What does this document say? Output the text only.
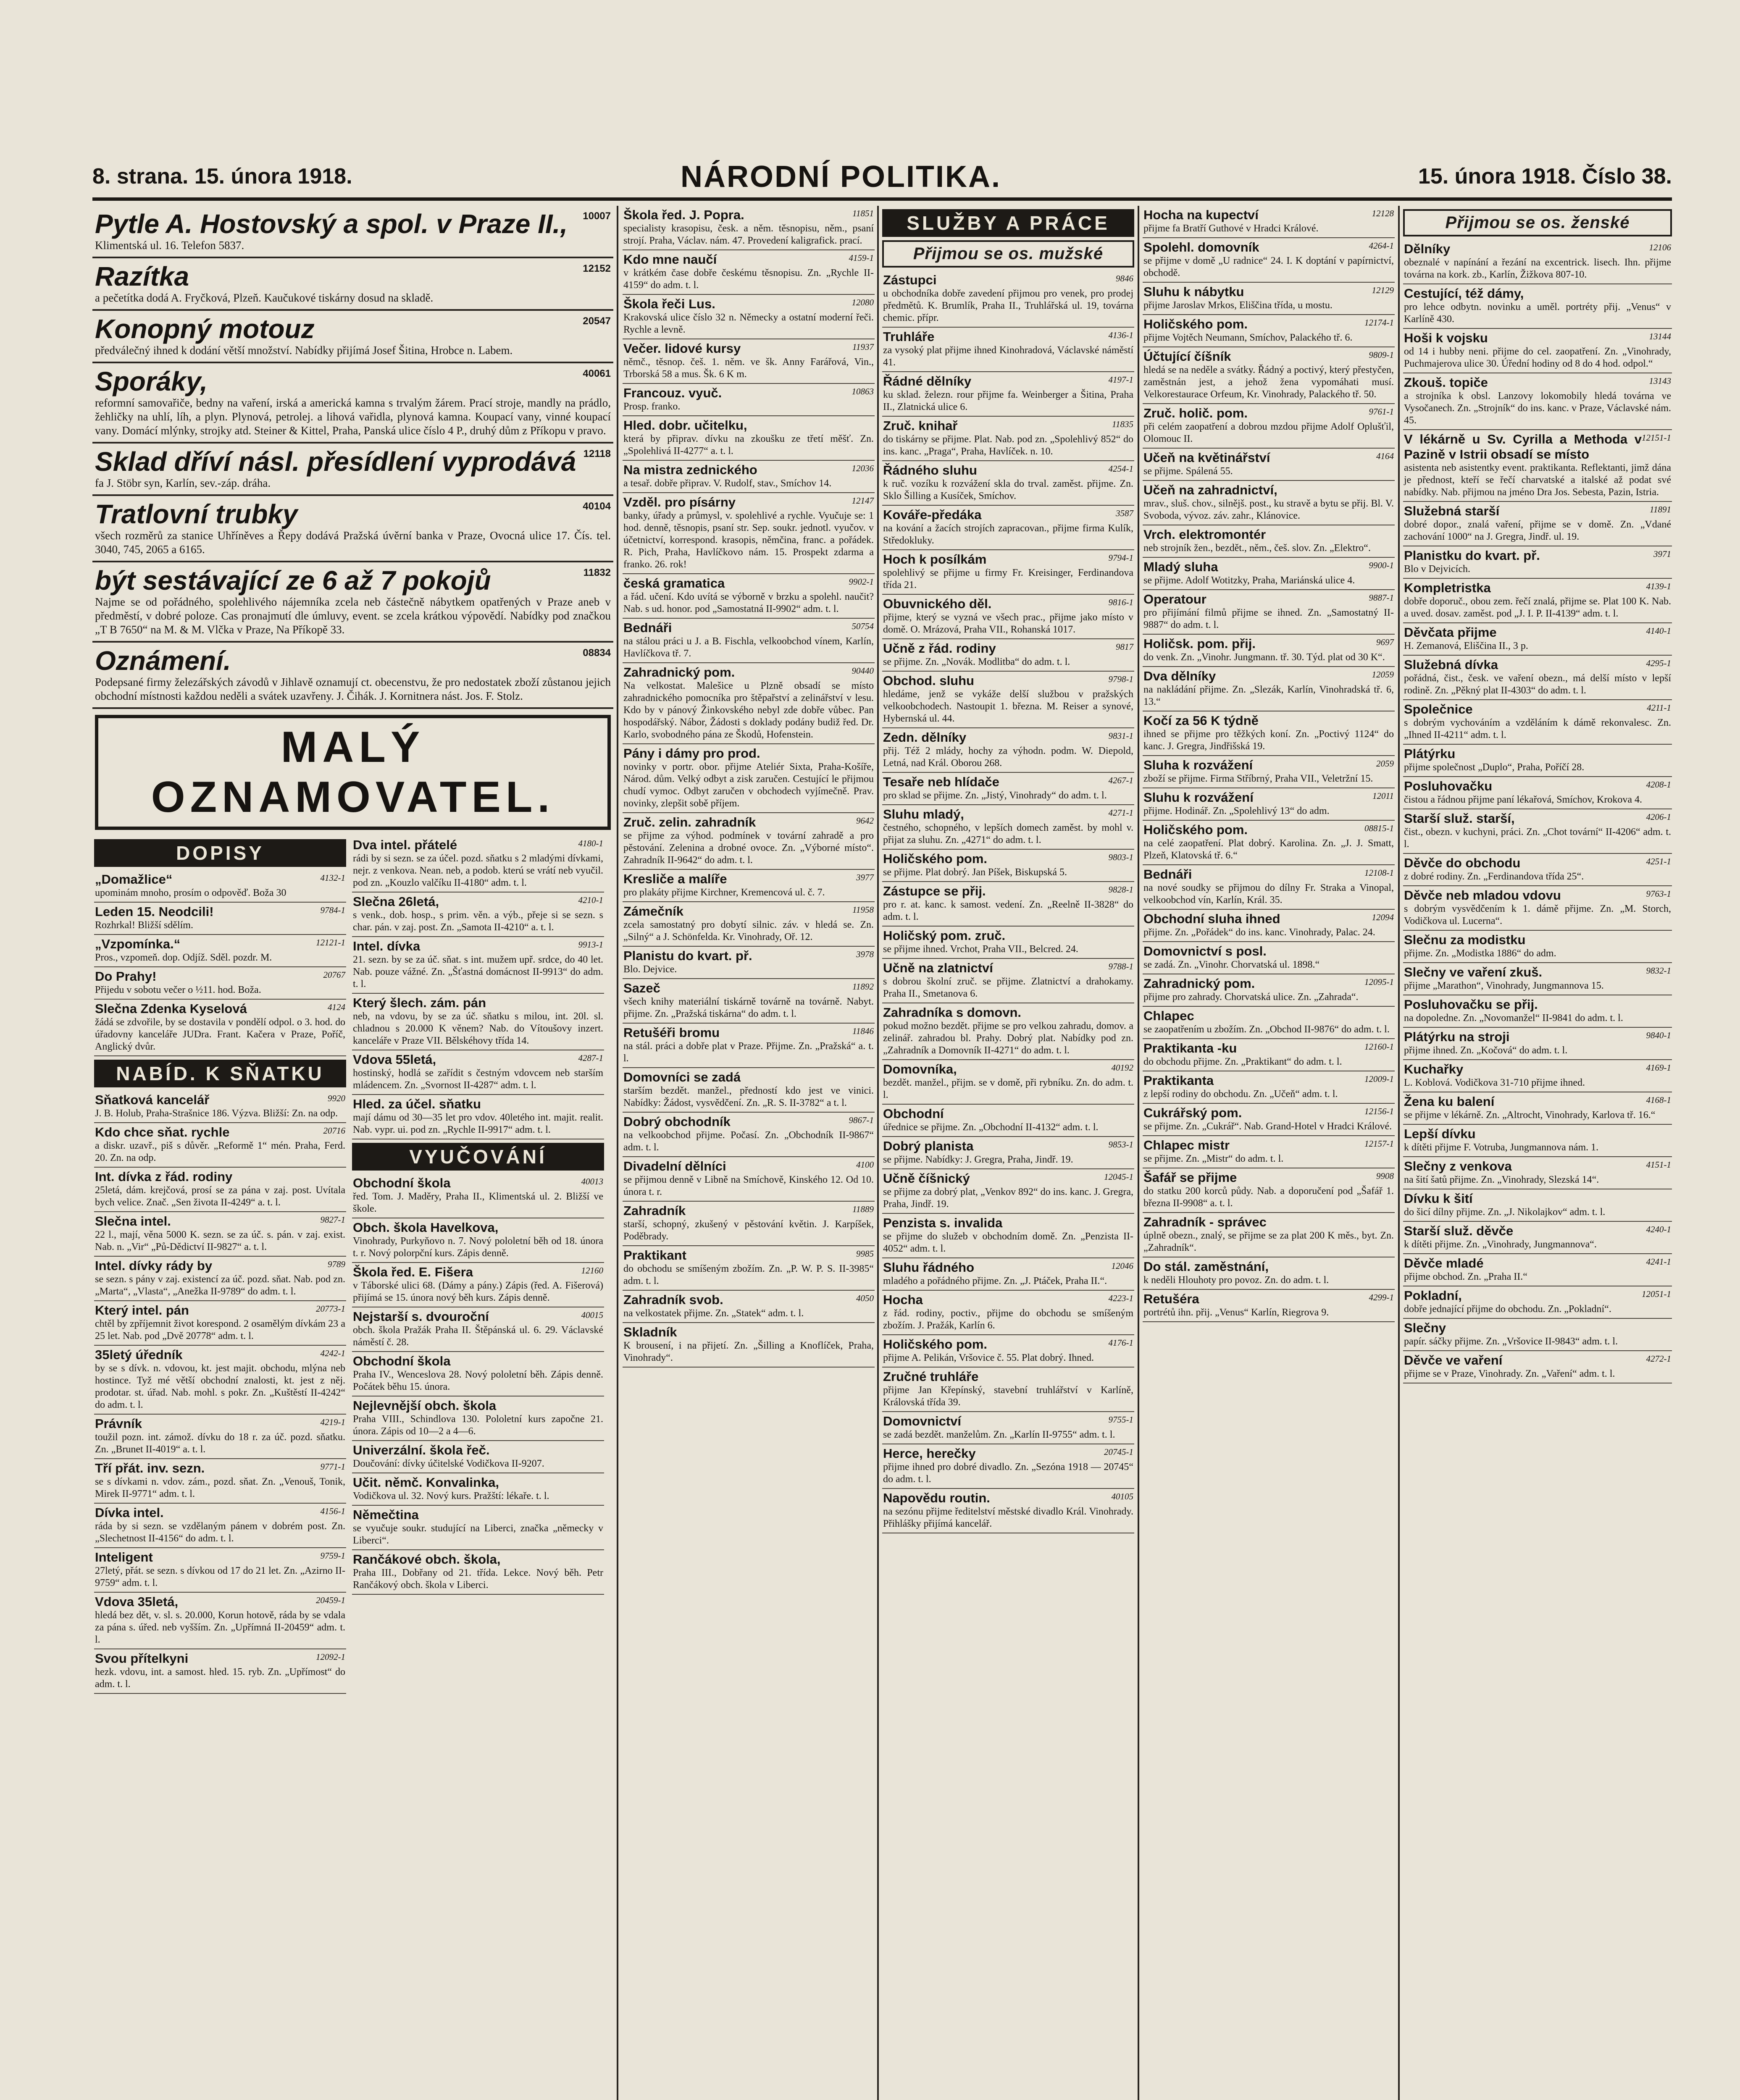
8. strana. 15. února 1918.	NÁRODNÍ POLITIKA.	15. února 1918. Číslo 38.
10007
Pytle A. Hostovský a spol. v Praze II.,
Klimentská ul. 16. Telefon 5837.
12152
Razítka
a pečetítka dodá A. Fryčková, Plzeň. Kaučukové tiskárny dosud na skladě.
20547
Konopný motouz
předválečný ihned k dodání větší množství. Nabídky přijímá Josef Šitina, Hrobce n. Labem.
40061
Sporáky,
reformní samovařiče, bedny na vaření, irská a americká kamna s trvalým žárem. Prací stroje, mandly na prádlo, žehličky na uhlí, líh, a plyn. Plynová, petrolej. a lihová vařidla, plynová kamna. Koupací vany, vinné koupací vany. Domácí mlýnky, strojky atd. Steiner & Kittel, Praha, Panská ulice číslo 4 P., druhý dům z Příkopu v pravo.
12118
Sklad dříví násl. přesídlení vyprodává
fa J. Stöbr syn, Karlín, sev.-záp. dráha.
40104
Tratlovní trubky
všech rozměrů za stanice Uhříněves a Řepy dodává Pražská úvěrní banka v Praze, Ovocná ulice 17. Čís. tel. 3040, 745, 2065 a 6165.
11832
být sestávající ze 6 až 7 pokojů
Najme se od pořádného, spolehlivého nájemníka zcela neb částečně nábytkem opatřených v Praze aneb v předměstí, v dobré poloze. Cas pronajmutí dle úmluvy, event. se zcela krátkou výpovědí. Nabídky pod značkou „T B 7650“ na M. & M. Vlčka v Praze, Na Příkopě 33.
08834
Oznámení.
Podepsané firmy železářských závodů v Jihlavě oznamují ct. obecenstvu, že pro nedostatek zboží zůstanou jejich obchodní místnosti každou neděli a svátek uzavřeny. J. Čihák. J. Kornitnera nást. Jos. F. Stolz.
MALÝ OZNAMOVATEL.
DOPISY
4132-1
„Domažlice“
upominám mnoho, prosím o odpověď. Boža 30
9784-1
Leden 15. Neodcili!
Rozhrkal! Bližší sdělím.
12121-1
„Vzpomínka.“
Pros., vzpomeň. dop. Odjíž. Sděl. pozdr. M.
20767
Do Prahy!
Přijedu v sobotu večer o ½11. hod. Boža.
4124
Slečna Zdenka Kyselová
žádá se zdvořile, by se dostavila v pondělí odpol. o 3. hod. do úřadovny kanceláře JUDra. Frant. Kačera v Praze, Poříč, Anglický dvůr.
NABÍD. K SŇATKU
9920
Sňatková kancelář
J. B. Holub, Praha-Strašnice 186. Výzva. Bližší: Zn. na odp.
20716
Kdo chce sňat. rychle
a diskr. uzavř., piš s důvěr. „Reformě 1“ mén. Praha, Ferd. 20. Zn. na odp.
Int. dívka z řád. rodiny
25letá, dám. krejčová, prosí se za pána v zaj. post. Uvítala bych velice. Znač. „Sen života II-4249“ a. t. l.
9827-1
Slečna intel.
22 l., mají, věna 5000 K. sezn. se za úč. s. pán. v zaj. exist. Nab. n. „Vir“ „Pů-Dědictví II-9827“ a. t. l.
9789
Intel. dívky rády by
se sezn. s pány v zaj. existencí za úč. pozd. sňat. Nab. pod zn. „Marta“, „Vlasta“, „Anežka II-9789“ do adm. t. l.
20773-1
Který intel. pán
chtěl by zpříjemnit život korespond. 2 osamělým dívkám 23 a 25 let. Nab. pod „Dvě 20778“ adm. t. l.
4242-1
35letý úředník
by se s dívk. n. vdovou, kt. jest majit. obchodu, mlýna neb hostince. Tyž mé větší obchodní znalosti, kt. jest z něj. prodotar. st. úřad. Nab. mohl. s pokr. Zn. „Kuštěstí II-4242“ do adm. t. l.
4219-1
Právník
toužil pozn. int. zámož. dívku do 18 r. za úč. pozd. sňatku. Zn. „Brunet II-4019“ a. t. l.
9771-1
Tří přát. inv. sezn.
se s dívkami n. vdov. zám., pozd. sňat. Zn. „Venouš, Tonik, Mirek II-9771“ adm. t. l.
4156-1
Dívka intel.
ráda by si sezn. se vzdělaným pánem v dobrém post. Zn. „Slechetnost II-4156“ do adm. t. l.
9759-1
Inteligent
27letý, přát. se sezn. s dívkou od 17 do 21 let. Zn. „Azirno II-9759“ adm. t. l.
20459-1
Vdova 35letá,
hledá bez dět, v. sl. s. 20.000, Korun hotově, ráda by se vdala za pána s. úřed. neb vyšším. Zn. „Upřímná II-20459“ adm. t. l.
12092-1
Svou přítelkyni
hezk. vdovu, int. a samost. hled. 15. ryb. Zn. „Upřímost“ do adm. t. l.
4180-1
Dva intel. přátelé
rádi by si sezn. se za účel. pozd. sňatku s 2 mladými dívkami, nejr. z venkova. Nean. neb, a podob. kterú se vrátí neb vyučil. pod zn. „Kouzlo valčíku II-4180“ adm. t. l.
4210-1
Slečna 26letá,
s venk., dob. hosp., s prim. věn. a výb., přeje si se sezn. s char. pán. v zaj. post. Zn. „Samota II-4210“ a. t. l.
9913-1
Intel. dívka
21. sezn. by se za úč. sňat. s int. mužem upř. srdce, do 40 let. Nab. pouze vážné. Zn. „Šťastná domácnost II-9913“ do adm. t. l.
Který šlech. zám. pán
neb, na vdovu, by se za úč. sňatku s milou, int. 20l. sl. chladnou s 20.000 K věnem? Nab. do Vítoušovy inzert. kanceláře v Praze VII. Bělskéhovy třída 14.
4287-1
Vdova 55letá,
hostinský, hodlá se zařídit s čestným vdovcem neb starším mládencem. Zn. „Svornost II-4287“ adm. t. l.
Hled. za účel. sňatku
mají dámu od 30—35 let pro vdov. 40letého int. majit. realit. Nab. vypr. ui. pod zn. „Rychle II-9917“ adm. t. l.
VYUČOVÁNÍ
40013
Obchodní škola
řed. Tom. J. Maděry, Praha II., Klimentská ul. 2. Bližší ve škole.
Obch. škola Havelkova,
Vinohrady, Purkyňovo n. 7. Nový pololetní běh od 18. února t. r. Nový polorpční kurs. Zápis denně.
12160
Škola řed. E. Fišera
v Táborské ulici 68. (Dámy a pány.) Zápis (řed. A. Fišerová) přijímá se 15. února nový běh kurs. Zápis denně.
40015
Nejstarší s. dvouroční
obch. škola Pražák Praha II. Štěpánská ul. 6. 29. Václavské náměstí č. 28.
Obchodní škola
Praha IV., Wenceslova 28. Nový pololetní běh. Zápis denně. Počátek běhu 15. února.
Nejlevnější obch. škola
Praha VIII., Schindlova 130. Pololetní kurs započne 21. února. Zápis od 10—2 a 4—6.
Univerzální. škola řeč.
Doučování: dívky účitelské Vodičkova II-9207.
Učit. němč. Konvalinka,
Vodičkova ul. 32. Nový kurs. Pražští: lékaře. t. l.
Němečtina
se vyučuje soukr. studující na Liberci, značka „německy v Liberci“.
Rančákové obch. škola,
Praha III., Dobřany od 21. třída. Lekce. Nový běh. Petr Rančákový obch. škola v Liberci.
11851
Škola řed. J. Popra.
specialisty krasopisu, česk. a něm. těsnopisu, něm., psaní strojí. Praha, Václav. nám. 47. Provedení kaligrafick. prací.
4159-1
Kdo mne naučí
v krátkém čase dobře českému těsnopisu. Zn. „Rychle II-4159“ do adm. t. l.
12080
Škola řeči Lus.
Krakovská ulice číslo 32 n. Německy a ostatní moderní řeči. Rychle a levně.
11937
Večer. lidové kursy
němč., těsnop. češ. 1. něm. ve šk. Anny Farářová, Vin., Trborská 58 a mus. Šk. 6 K m.
10863
Francouz. vyuč.
Prosp. franko.
Hled. dobr. učitelku,
která by připrav. dívku na zkoušku ze třetí měšť. Zn. „Spolehlivá II-4277“ a. t. l.
12036
Na mistra zednického
a tesař. dobře připrav. V. Rudolf, stav., Smíchov 14.
12147
Vzděl. pro písárny
banky, úřady a průmysl, v. spolehlivé a rychle. Vyučuje se: 1 hod. denně, těsnopis, psaní str. Sep. soukr. jednotl. vyučov. v účetnictví, korrespond. krasopis, němčina, franc. a pořádek. R. Pich, Praha, Havlíčkovo nám. 15. Prospekt zdarma a franko. 26. rok!
9902-1
česká gramatica
a řád. učení. Kdo uvítá se výborně v brzku a spolehl. naučit? Nab. s ud. honor. pod „Samostatná II-9902“ adm. t. l.
50754
Bednáři
na stálou práci u J. a B. Fischla, velkoobchod vínem, Karlín, Havlíčkova tř. 7.
90440
Zahradnický pom.
Na velkostat. Malešice u Plzně obsadí se místo zahradnického pomocníka pro štěpařství a zelinářství v lesu. Kdo by v pánový Žinkovského nebyl zde dobře vůbec. Pan hospodářský. Nábor, Žádosti s doklady podány budiž řed. Dr. Karlo, svobodného pána ze Škodů, Hofenstein.
Pány i dámy pro prod.
novinky v portr. obor. přijme Ateliér Sixta, Praha-Košíře, Národ. dům. Velký odbyt a zisk zaručen. Cestující le přijmou chudí vymoc. Odbyt zaručen v obchodech vyjímečně. Prav. novinky, zlepšit sobě příjem.
9642
Zruč. zelin. zahradník
se přijme za výhod. podmínek v tovární zahradě a pro pěstování. Zelenina a drobné ovoce. Zn. „Výborné místo“. Zahradník II-9642“ do adm. t. l.
3977
Kresliče a malíře
pro plakáty přijme Kirchner, Kremencová ul. č. 7.
11958
Zámečník
zcela samostatný pro dobytí silnic. záv. v hledá se. Zn. „Silný“ a J. Schönfelda. Kr. Vinohrady, Oř. 12.
3978
Planistu do kvart. př.
Blo. Dejvice.
11892
Sazeč
všech knihy materiální tiskárně továrně na továrně. Nabyt. přijme. Zn. „Pražská tiskárna“ do adm. t. l.
11846
Retušéři bromu
na stál. práci a dobře plat v Praze. Přijme. Zn. „Pražská“ a. t. l.
Domovníci se zadá
starším bezdět. manžel., předností kdo jest ve vinici. Nabídky: Žádost, vysvědčení. Zn. „R. S. II-3782“ a t. l.
9867-1
Dobrý obchodník
na velkoobchod přijme. Počasí. Zn. „Obchodník II-9867“ adm. t. l.
4100
Divadelní dělníci
se přijmou denně v Libně na Smíchově, Kinského 12. Od 10. února t. r.
11889
Zahradník
starší, schopný, zkušený v pěstování květin. J. Karpíšek, Poděbrady.
9985
Praktikant
do obchodu se smíšeným zbožím. Zn. „P. W. P. S. II-3985“ adm. t. l.
4050
Zahradník svob.
na velkostatek přijme. Zn. „Statek“ adm. t. l.
Skladník
K brousení, i na přijetí. Zn. „Šilling a Knoflíček, Praha, Vinohrady“.
SLUŽBY A PRÁCE
Přijmou se os. mužské
9846
Zástupci
u obchodníka dobře zavedení přijmou pro venek, pro prodej předmětů. K. Brumlík, Praha II., Truhlářská ul. 19, továrna chemic. přípr.
4136-1
Truhláře
za vysoký plat přijme ihned Kinohradová, Václavské náměstí 41.
4197-1
Řádné dělníky
ku sklad. železn. rour přijme fa. Weinberger a Šitina, Praha II., Zlatnická ulice 6.
11835
Zruč. knihař
do tiskárny se přijme. Plat. Nab. pod zn. „Spolehlivý 852“ do ins. kanc. „Praga“, Praha, Havlíček. n. 10.
4254-1
Řádného sluhu
k ruč. vozíku k rozvážení skla do trval. zaměst. přijme. Zn. Sklo Šilling a Kusíček, Smíchov.
3587
Kováře-předáka
na kování a žacích strojích zapracovan., přijme firma Kulík, Středokluky.
9794-1
Hoch k posílkám
spolehlivý se přijme u firmy Fr. Kreisinger, Ferdinandova třída 21.
9816-1
Obuvnického děl.
přijme, který se vyzná ve všech prac., přijme jako místo v domě. O. Mrázová, Praha VII., Rohanská 1017.
9817
Učně z řád. rodiny
se přijme. Zn. „Novák. Modlitba“ do adm. t. l.
9798-1
Obchod. sluhu
hledáme, jenž se vykáže delší službou v pražských velkoobchodech. Nastoupit 1. března. M. Reiser a synové, Hybernská ul. 44.
9831-1
Zedn. dělníky
přij. Též 2 mlády, hochy za výhodn. podm. W. Diepold, Letná, nad Král. Oborou 268.
4267-1
Tesaře neb hlídače
pro sklad se přijme. Zn. „Jistý, Vinohrady“ do adm. t. l.
4271-1
Sluhu mladý,
čestného, schopného, v lepších domech zaměst. by mohl v. přijat za sluhu. Zn. „4271“ do adm. t. l.
9803-1
Holičského pom.
se přijme. Plat dobrý. Jan Píšek, Biskupská 5.
9828-1
Zástupce se přij.
pro r. at. kanc. k samost. vedení. Zn. „Reelně II-3828“ do adm. t. l.
Holičský pom. zruč.
se přijme ihned. Vrchot, Praha VII., Belcred. 24.
9788-1
Učně na zlatnictví
s dobrou školní zruč. se přijme. Zlatnictví a drahokamy. Praha II., Smetanova 6.
Zahradníka s domovn.
pokud možno bezdět. přijme se pro velkou zahradu, domov. a zelinář. zahradou bl. Prahy. Dobrý plat. Nabídky pod zn. „Zahradník a Domovník II-4271“ do adm. t. l.
40192
Domovníka,
bezdět. manžel., přijm. se v domě, při rybníku. Zn. do adm. t. l.
Obchodní
úřednice se přijme. Zn. „Obchodní II-4132“ adm. t. l.
9853-1
Dobrý planista
se přijme. Nabídky: J. Gregra, Praha, Jindř. 19.
12045-1
Učně číšnický
se přijme za dobrý plat, „Venkov 892“ do ins. kanc. J. Gregra, Praha, Jindř. 19.
Penzista s. invalida
se přijme do služeb v obchodním domě. Zn. „Penzista II-4052“ adm. t. l.
12046
Sluhu řádného
mladého a pořádného přijme. Zn. „J. Ptáček, Praha II.“.
4223-1
Hocha
z řád. rodiny, poctiv., přijme do obchodu se smíšeným zbožím. J. Pražák, Karlín 6.
4176-1
Holičského pom.
přijme A. Pelikán, Vršovice č. 55. Plat dobrý. Ihned.
Zručné truhláře
přijme Jan Křepínský, stavební truhlářství v Karlíně, Královská třída 39.
9755-1
Domovnictví
se zadá bezdět. manželům. Zn. „Karlín II-9755“ adm. t. l.
20745-1
Herce, herečky
přijme ihned pro dobré divadlo. Zn. „Sezóna 1918 — 20745“ do adm. t. l.
40105
Napovědu routin.
na sezónu přijme ředitelství městské divadlo Král. Vinohrady. Přihlášky přijímá kancelář.
12128
Hocha na kupectví
přijme fa Bratří Guthové v Hradci Králové.
4264-1
Spolehl. domovník
se přijme v domě „U radnice“ 24. I. K doptání v papírnictví, obchodě.
12129
Sluhu k nábytku
přijme Jaroslav Mrkos, Eliščina třída, u mostu.
12174-1
Holičského pom.
přijme Vojtěch Neumann, Smíchov, Palackého tř. 6.
9809-1
Účtující číšník
hledá se na neděle a svátky. Řádný a poctivý, který přestyčen, zaměstnán jest, a jehož žena vypomáhati musí. Velkorestaurace Orfeum, Kr. Vinohrady, Palackého tř. 50.
9761-1
Zruč. holič. pom.
při celém zaopatření a dobrou mzdou přijme Adolf Oplušťil, Olomouc II.
4164
Učeň na květinářství
se přijme. Spálená 55.
Učeň na zahradnictví,
mrav., sluš. chov., silnějš. post., ku stravě a bytu se přij. Bl. V. Svoboda, vývoz. záv. zahr., Klánovice.
Vrch. elektromontér
neb strojník žen., bezdět., něm., češ. slov. Zn. „Elektro“.
9900-1
Mladý sluha
se přijme. Adolf Wotitzky, Praha, Mariánská ulice 4.
9887-1
Operatour
pro přijímání filmů přijme se ihned. Zn. „Samostatný II-9887“ do adm. t. l.
9697
Holičsk. pom. přij.
do venk. Zn. „Vinohr. Jungmann. tř. 30. Týd. plat od 30 K“.
12059
Dva dělníky
na nakládání přijme. Zn. „Slezák, Karlín, Vinohradská tř. 6, 13.“
Kočí za 56 K týdně
ihned se přijme pro těžkých koní. Zn. „Poctivý 1124“ do kanc. J. Gregra, Jindřišská 19.
2059
Sluha k rozvážení
zboží se přijme. Firma Stříbrný, Praha VII., Veletržní 15.
12011
Sluhu k rozvážení
přijme. Hodinář. Zn. „Spolehlivý 13“ do adm.
08815-1
Holičského pom.
na celé zaopatření. Plat dobrý. Karolina. Zn. „J. J. Smatt, Plzeň, Klatovská tř. 6.“
12108-1
Bednáři
na nové soudky se přijmou do dílny Fr. Straka a Vinopal, velkoobchod vín, Karlín, Král. 35.
12094
Obchodní sluha ihned
přijme. Zn. „Pořádek“ do ins. kanc. Vinohrady, Palac. 24.
Domovnictví s posl.
se zadá. Zn. „Vinohr. Chorvatská ul. 1898.“
12095-1
Zahradnický pom.
přijme pro zahrady. Chorvatská ulice. Zn. „Zahrada“.
Chlapec
se zaopatřením u zbožím. Zn. „Obchod II-9876“ do adm. t. l.
12160-1
Praktikanta -ku
do obchodu přijme. Zn. „Praktikant“ do adm. t. l.
12009-1
Praktikanta
z lepší rodiny do obchodu. Zn. „Učeň“ adm. t. l.
12156-1
Cukrářský pom.
se přijme. Zn. „Cukrář“. Nab. Grand-Hotel v Hradci Králové.
12157-1
Chlapec mistr
se přijme. Zn. „Mistr“ do adm. t. l.
9908
Šafář se přijme
do statku 200 korců půdy. Nab. a doporučení pod „Šafář 1. března II-9908“ a. t. l.
Zahradník - správec
úplně obezn., znalý, se přijme se za plat 200 K měs., byt. Zn. „Zahradník“.
Do stál. zaměstnání,
k neděli Hlouhoty pro povoz. Zn. do adm. t. l.
4299-1
Retušéra
portrétů ihn. přij. „Venus“ Karlín, Riegrova 9.
Přijmou se os. ženské
12106
Dělníky
obeznalé v napínání a řezání na excentrick. lisech. Ihn. přijme továrna na kork. zb., Karlín, Žižkova 807-10.
Cestující, též dámy,
pro lehce odbytn. novinku a uměl. portréty přij. „Venus“ v Karlíně 430.
13144
Hoši k vojsku
od 14 i hubby neni. přijme do cel. zaopatření. Zn. „Vinohrady, Puchmajerova ulice 30. Úřední hodiny od 8 do 4 hod. odpol.“
13143
Zkouš. topiče
a strojníka k obsl. Lanzovy lokomobily hledá továrna ve Vysočanech. Zn. „Strojník“ do ins. kanc. v Praze, Václavské nám. 45.
12151-1
V lékárně u Sv. Cyrilla a Methoda v Pazině v Istrii obsadí se místo
asistenta neb asistentky event. praktikanta. Reflektanti, jimž dána je přednost, kteří se řečí charvatské a italské až podat své nabídky. Nab. přijmou na jméno Dra Jos. Sebesta, Pazin, Istria.
11891
Služebná starší
dobré dopor., znalá vaření, přijme se v domě. Zn. „Vdané zachování 1000“ na J. Gregra, Jindř. ul. 19.
3971
Planistku do kvart. př.
Blo v Dejvicích.
4139-1
Kompletristka
dobře doporuč., obou zem. řečí znalá, přijme se. Plat 100 K. Nab. a uved. dosav. zaměst. pod „J. I. P. II-4139“ adm. t. l.
4140-1
Děvčata přijme
H. Zemanová, Eliščina II., 3 p.
4295-1
Služebná dívka
pořádná, čist., česk. ve vaření obezn., má delší místo v lepší rodině. Zn. „Pěkný plat II-4303“ do adm. t. l.
4211-1
Společnice
s dobrým vychováním a vzděláním k dámě rekonvalesc. Zn. „Ihned II-4211“ adm. t. l.
Plátýrku
přijme společnost „Duplo“, Praha, Poříčí 28.
4208-1
Posluhovačku
čistou a řádnou přijme paní lékařová, Smíchov, Krokova 4.
4206-1
Starší služ. starší,
čist., obezn. v kuchyni, práci. Zn. „Chot tovární“ II-4206“ adm. t. l.
4251-1
Děvče do obchodu
z dobré rodiny. Zn. „Ferdinandova třída 25“.
9763-1
Děvče neb mladou vdovu
s dobrým vysvědčením k 1. dámě přijme. Zn. „M. Storch, Vodičkova ul. Lucerna“.
Slečnu za modistku
přijme. Zn. „Modistka 1886“ do adm.
9832-1
Slečny ve vaření zkuš.
přijme „Marathon“, Vinohrady, Jungmannova 15.
Posluhovačku se přij.
na dopoledne. Zn. „Novomanžel“ II-9841 do adm. t. l.
9840-1
Plátýrku na stroji
přijme ihned. Zn. „Kočová“ do adm. t. l.
4169-1
Kuchařky
L. Koblová. Vodičkova 31-710 přijme ihned.
4168-1
Žena ku balení
se přijme v lékárně. Zn. „Altrocht, Vinohrady, Karlova tř. 16.“
Lepší dívku
k dítěti přijme F. Votruba, Jungmannova nám. 1.
4151-1
Slečny z venkova
na šití šatů přijme. Zn. „Vinohrady, Slezská 14“.
Dívku k šití
do šicí dílny přijme. Zn. „J. Nikolajkov“ adm. t. l.
4240-1
Starší služ. děvče
k dítěti přijme. Zn. „Vinohrady, Jungmannova“.
4241-1
Děvče mladé
přijme obchod. Zn. „Praha II.“
12051-1
Pokladní,
dobře jednající přijme do obchodu. Zn. „Pokladní“.
Slečny
papír. sáčky přijme. Zn. „Vršovice II-9843“ adm. t. l.
4272-1
Děvče ve vaření
přijme se v Praze, Vinohrady. Zn. „Vaření“ adm. t. l.
